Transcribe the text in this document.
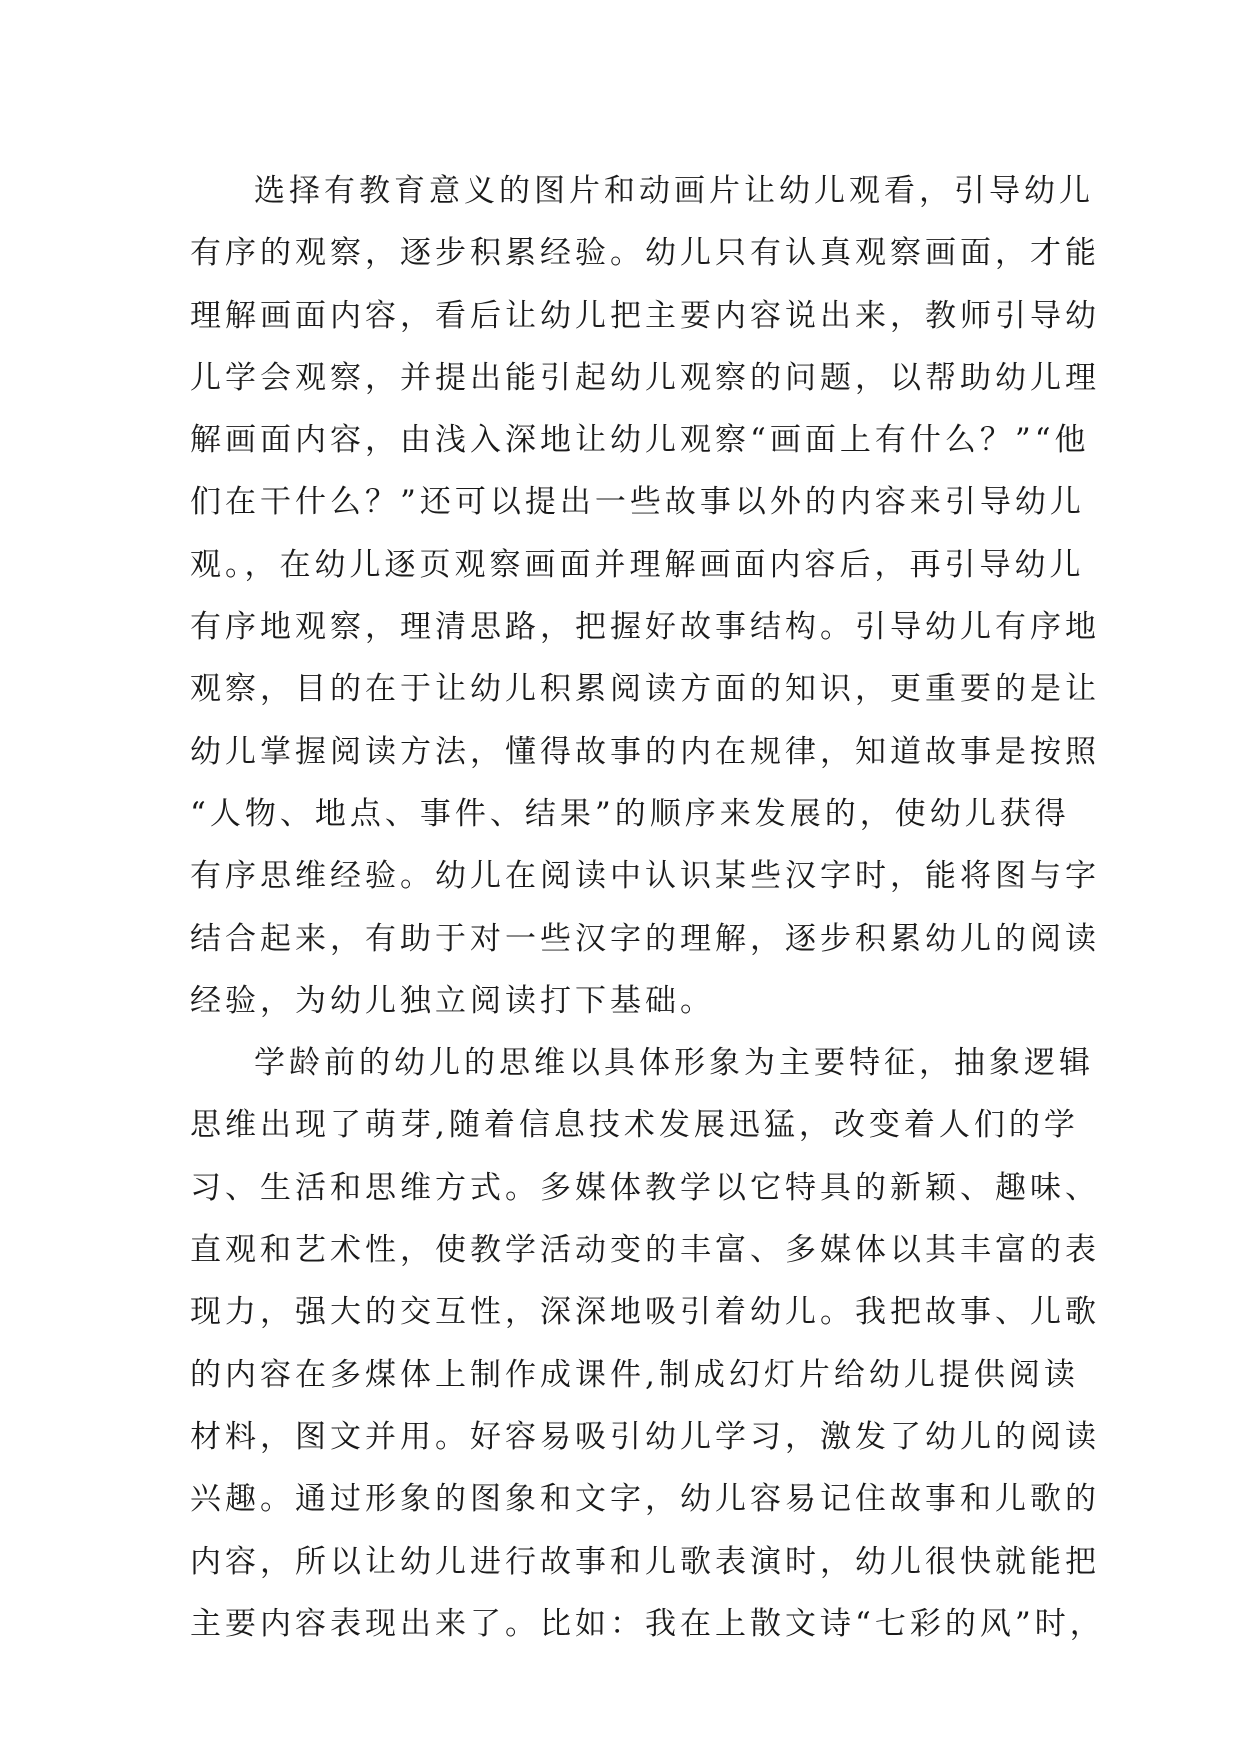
选择有教育意义的图片和动画片让幼儿观看，引导幼儿
有序的观察，逐步积累经验。幼儿只有认真观察画面，才能
理解画面内容，看后让幼儿把主要内容说出来，教师引导幼
儿学会观察，并提出能引起幼儿观察的问题，以帮助幼儿理
解画面内容，由浅入深地让幼儿观察“画面上有什么？”“他
们在干什么？”还可以提出一些故事以外的内容来引导幼儿
观。，在幼儿逐页观察画面并理解画面内容后，再引导幼儿
有序地观察，理清思路，把握好故事结构。引导幼儿有序地
观察，目的在于让幼儿积累阅读方面的知识，更重要的是让
幼儿掌握阅读方法，懂得故事的内在规律，知道故事是按照
“人物、地点、事件、结果”的顺序来发展的，使幼儿获得
有序思维经验。幼儿在阅读中认识某些汉字时，能将图与字
结合起来，有助于对一些汉字的理解，逐步积累幼儿的阅读
经验，为幼儿独立阅读打下基础。
学龄前的幼儿的思维以具体形象为主要特征，抽象逻辑
思维出现了萌芽,随着信息技术发展迅猛，改变着人们的学
习、生活和思维方式。多媒体教学以它特具的新颖、趣味、
直观和艺术性，使教学活动变的丰富、多媒体以其丰富的表
现力，强大的交互性，深深地吸引着幼儿。我把故事、儿歌
的内容在多煤体上制作成课件,制成幻灯片给幼儿提供阅读
材料，图文并用。好容易吸引幼儿学习，激发了幼儿的阅读
兴趣。通过形象的图象和文字，幼儿容易记住故事和儿歌的
内容，所以让幼儿进行故事和儿歌表演时，幼儿很快就能把
主要内容表现出来了。比如：我在上散文诗“七彩的风”时，
